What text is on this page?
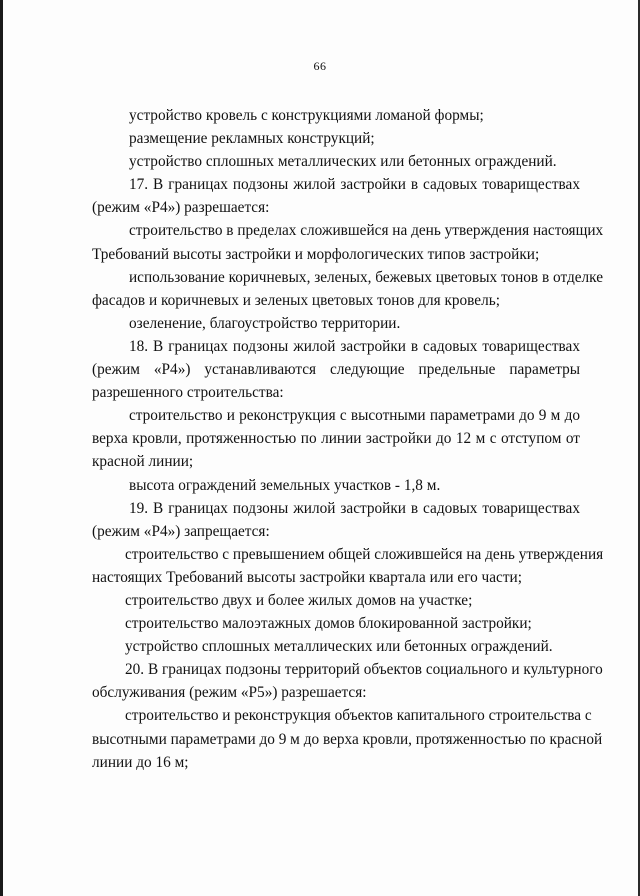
66
устройство кровель с конструкциями ломаной формы;
размещение рекламных конструкций;
устройство сплошных металлических или бетонных ограждений.
17. В границах подзоны жилой застройки в садовых товариществах
(режим «Р4») разрешается:
строительство в пределах сложившейся на день утверждения настоящих
Требований высоты застройки и морфологических типов застройки;
использование коричневых, зеленых, бежевых цветовых тонов в отделке
фасадов и коричневых и зеленых цветовых тонов для кровель;
озеленение, благоустройство территории.
18. В границах подзоны жилой застройки в садовых товариществах
(режим «Р4») устанавливаются следующие предельные параметры
разрешенного строительства:
строительство и реконструкция с высотными параметрами до 9 м до
верха кровли, протяженностью по линии застройки до 12 м с отступом от
красной линии;
высота ограждений земельных участков - 1,8 м.
19. В границах подзоны жилой застройки в садовых товариществах
(режим «Р4») запрещается:
строительство с превышением общей сложившейся на день утверждения
настоящих Требований высоты застройки квартала или его части;
строительство двух и более жилых домов на участке;
строительство малоэтажных домов блокированной застройки;
устройство сплошных металлических или бетонных ограждений.
20. В границах подзоны территорий объектов социального и культурного
обслуживания (режим «Р5») разрешается:
строительство и реконструкция объектов капитального строительства с
высотными параметрами до 9 м до верха кровли, протяженностью по красной
линии до 16 м;
